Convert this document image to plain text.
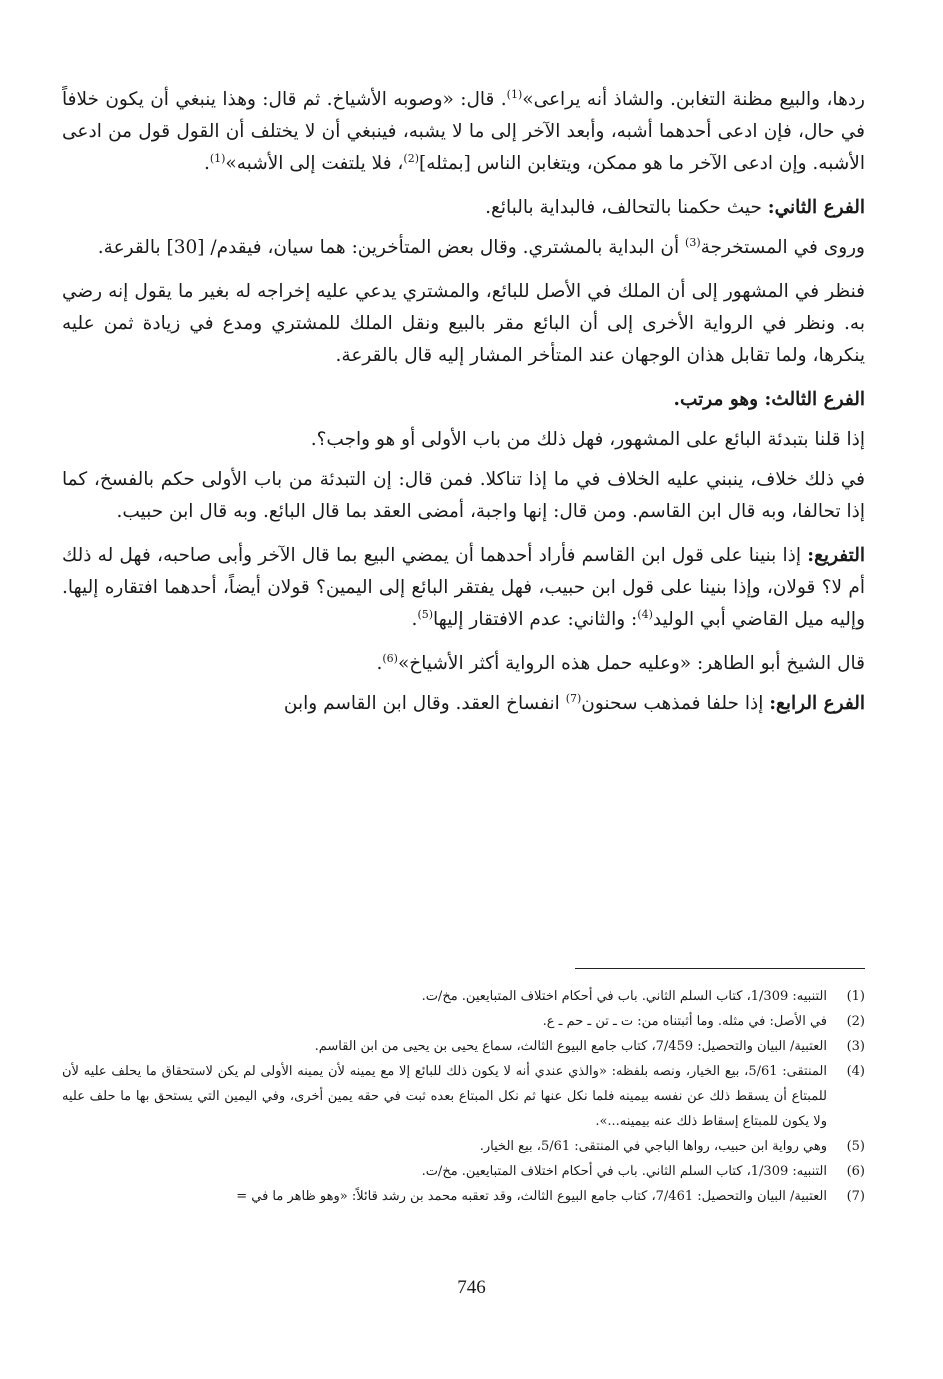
ردها، والبيع مظنة التغابن. والشاذ أنه يراعى»$^{(1)}$. قال: «وصوبه الأشياخ. ثم قال: وهذا ينبغي أن يكون خلافاً في حال، فإن ادعى أحدهما أشبه، وأبعد الآخر إلى ما لا يشبه، فينبغي أن لا يختلف أن القول قول من ادعى الأشبه. وإن ادعى الآخر ما هو ممكن، ويتغابن الناس [بمثله]$^{(2)}$، فلا يلتفت إلى الأشبه»$^{(1)}$.

الفرع الثاني: حيث حكمنا بالتحالف، فالبداية بالبائع.

وروى في المستخرجة$^{(3)}$ أن البداية بالمشتري. وقال بعض المتأخرين: هما سيان، فيقدم/ [30] بالقرعة.

فنظر في المشهور إلى أن الملك في الأصل للبائع، والمشتري يدعي عليه إخراجه له بغير ما يقول إنه رضي به. ونظر في الرواية الأخرى إلى أن البائع مقر بالبيع ونقل الملك للمشتري ومدع في زيادة ثمن عليه ينكرها، ولما تقابل هذان الوجهان عند المتأخر المشار إليه قال بالقرعة.

الفرع الثالث: وهو مرتب.

إذا قلنا بتبدئة البائع على المشهور، فهل ذلك من باب الأولى أو هو واجب؟.

في ذلك خلاف، ينبني عليه الخلاف في ما إذا تناكلا. فمن قال: إن التبدئة من باب الأولى حكم بالفسخ، كما إذا تحالفا، وبه قال ابن القاسم. ومن قال: إنها واجبة، أمضى العقد بما قال البائع. وبه قال ابن حبيب.

التفريع: إذا بنينا على قول ابن القاسم فأراد أحدهما أن يمضي البيع بما قال الآخر وأبى صاحبه، فهل له ذلك أم لا؟ قولان، وإذا بنينا على قول ابن حبيب، فهل يفتقر البائع إلى اليمين؟ قولان أيضاً، أحدهما افتقاره إليها. وإليه ميل القاضي أبي الوليد$^{(4)}$: والثاني: عدم الافتقار إليها$^{(5)}$.

قال الشيخ أبو الطاهر: «وعليه حمل هذه الرواية أكثر الأشياخ»$^{(6)}$.

الفرع الرابع: إذا حلفا فمذهب سحنون$^{(7)}$ انفساخ العقد. وقال ابن القاسم وابن

(1)
التنبيه: 1/309، كتاب السلم الثاني. باب في أحكام اختلاف المتبايعين. مخ/ت.
(2)
في الأصل: في مثله. وما أثبتناه من: ت ـ تن ـ حم ـ ع.
(3)
العتبية/ البيان والتحصيل: 7/459، كتاب جامع البيوع الثالث، سماع يحيى بن يحيى من ابن القاسم.
(4)
المنتقى: 5/61، بيع الخيار، ونصه بلفظه: «والذي عندي أنه لا يكون ذلك للبائع إلا مع يمينه لأن يمينه الأولى لم يكن لاستحقاق ما يحلف عليه لأن للمبتاع أن يسقط ذلك عن نفسه بيمينه فلما نكل عنها ثم نكل المبتاع بعده ثبت في حقه يمين أخرى، وفي اليمين التي يستحق بها ما حلف عليه ولا يكون للمبتاع إسقاط ذلك عنه بيمينه...».
(5)
وهي رواية ابن حبيب، رواها الباجي في المنتقى: 5/61، بيع الخيار.
(6)
التنبيه: 1/309، كتاب السلم الثاني. باب في أحكام اختلاف المتبايعين. مخ/ت.
(7)
العتبية/ البيان والتحصيل: 7/461، كتاب جامع البيوع الثالث، وقد تعقبه محمد بن رشد قائلاً: «وهو ظاهر ما في =
746
